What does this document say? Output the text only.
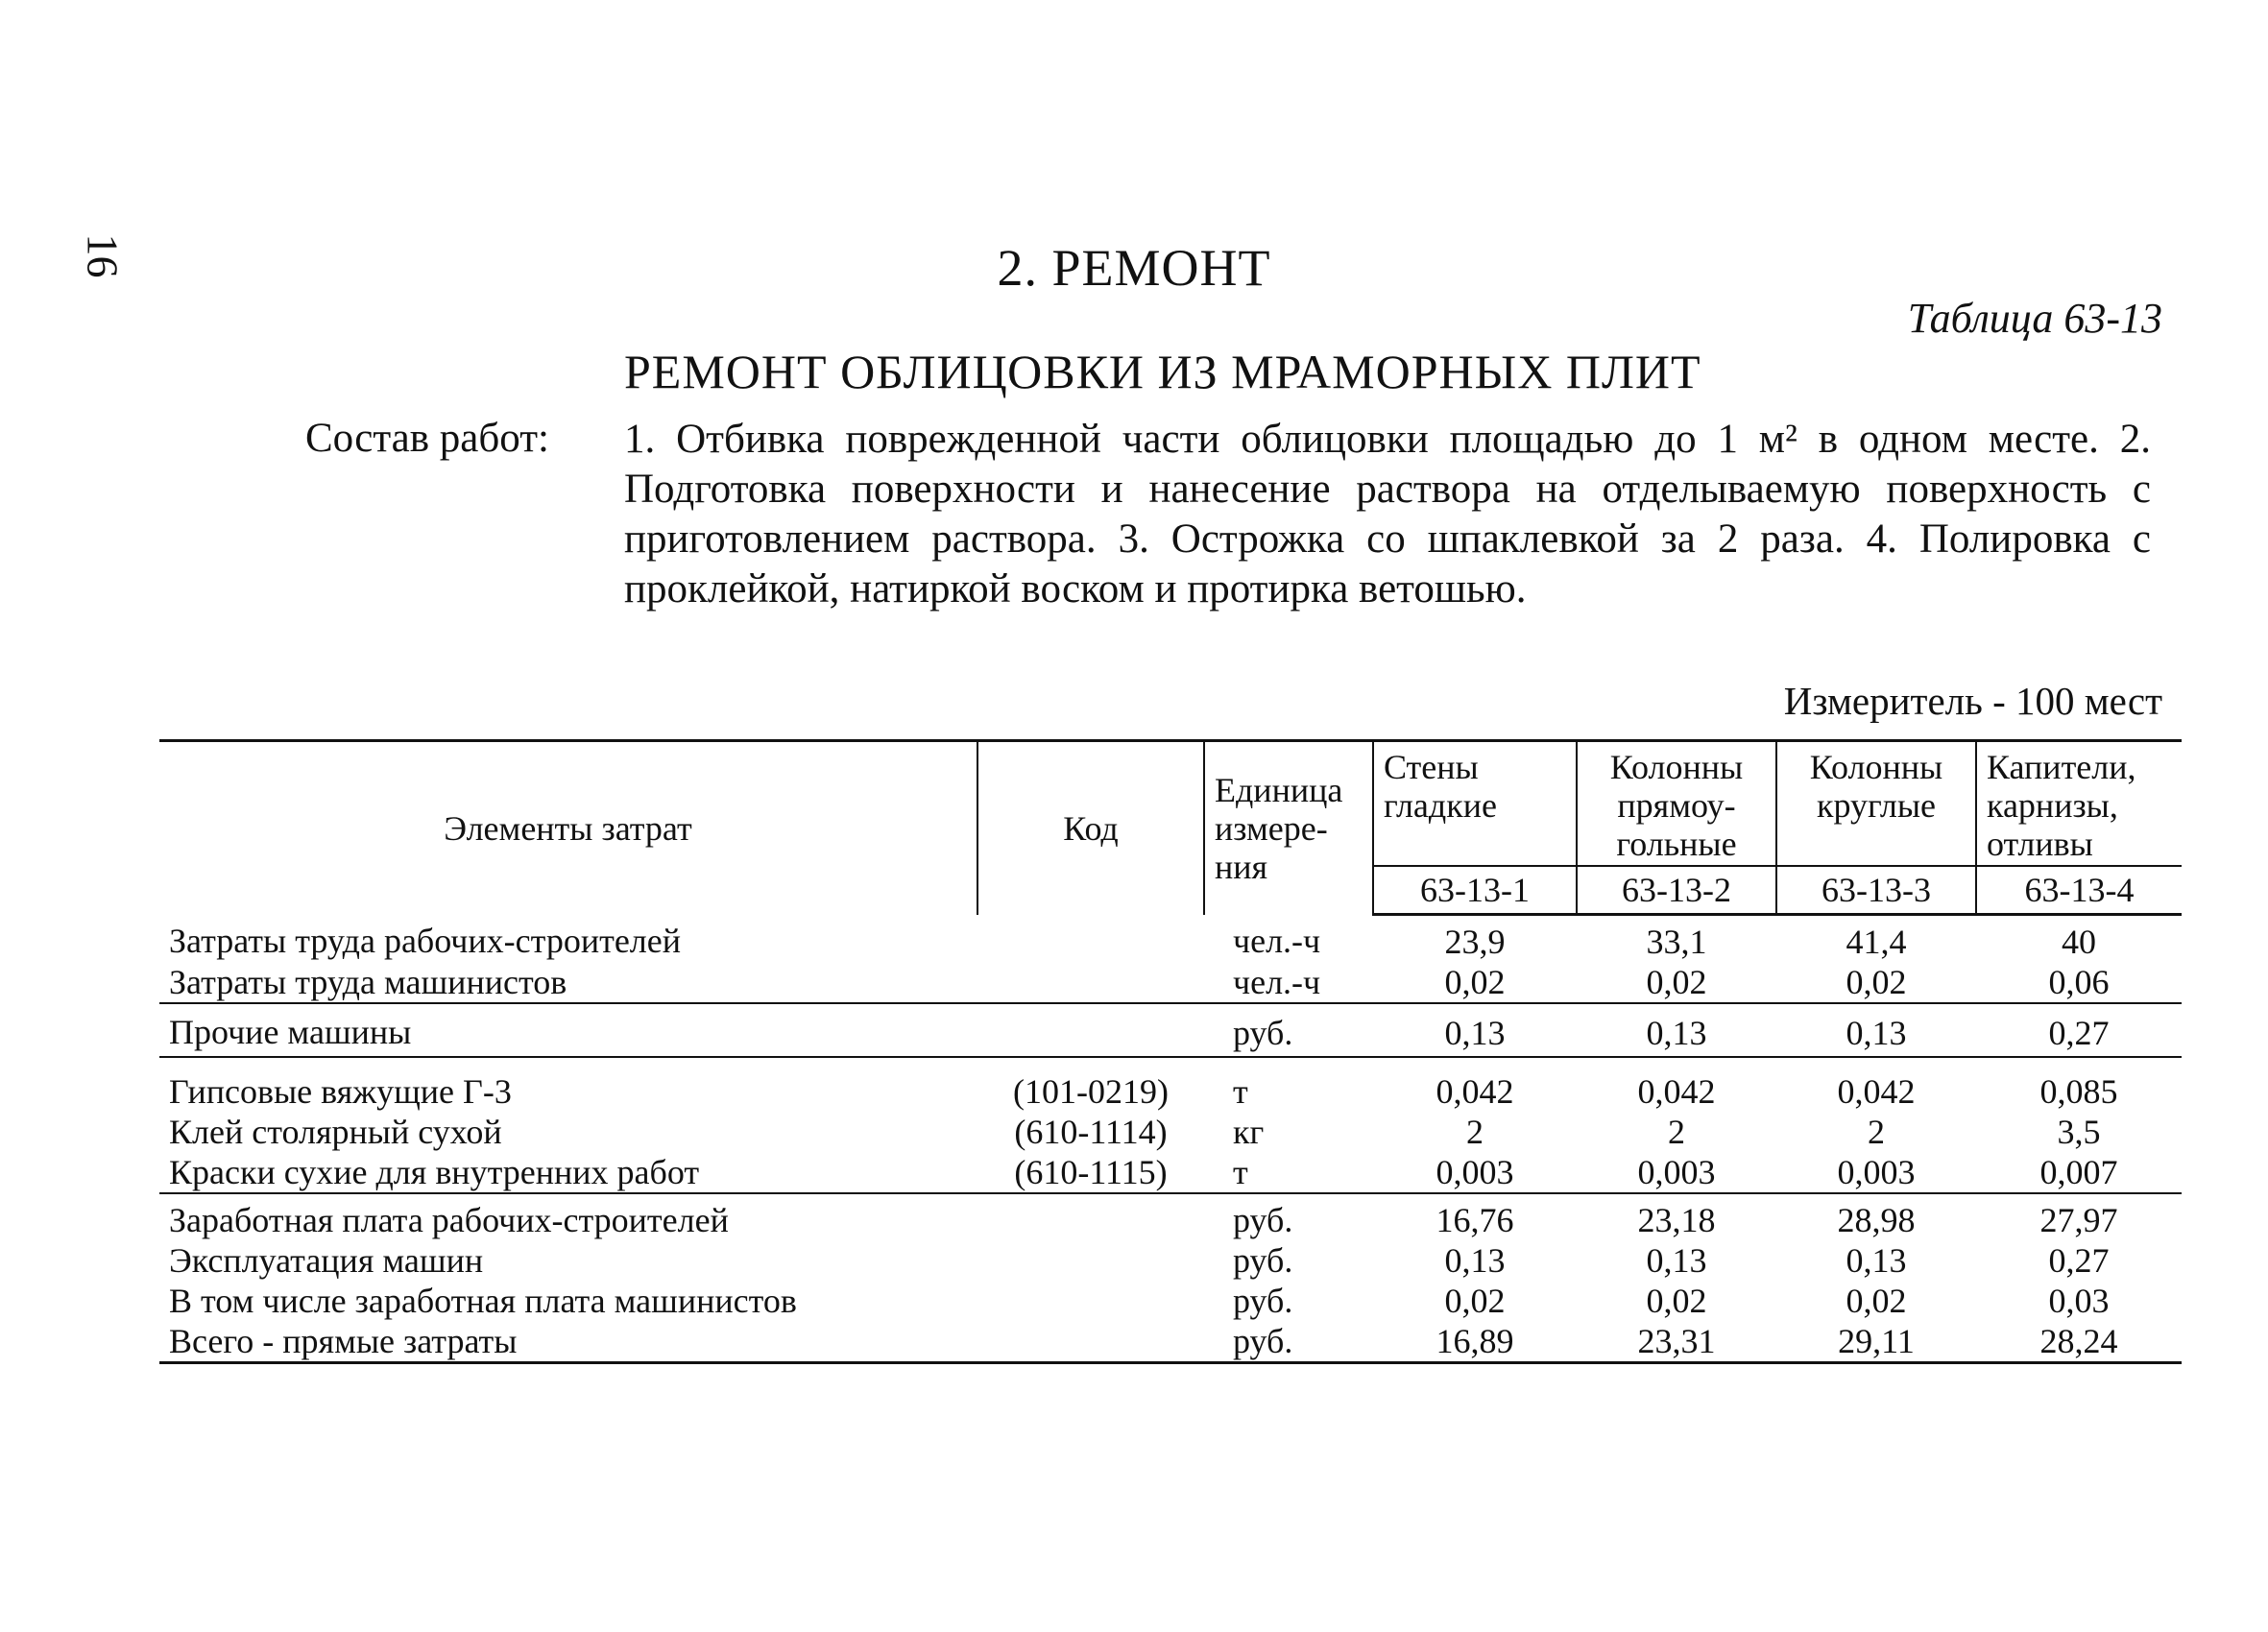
16	2. РЕМОНТ
Таблица 63-13
РЕМОНТ ОБЛИЦОВКИ ИЗ МРАМОРНЫХ ПЛИТ
Состав работ: 1. Отбивка поврежденной части облицовки площадью до 1 м² в одном месте. 2. Подготовка поверхности и нанесение раствора на отделываемую поверхность с приготовлением раствора. 3. Острожка со шпаклевкой за 2 раза. 4. Полировка с проклейкой, натиркой воском и протирка ветошью.
Измеритель - 100 мест
Элементы затрат	Код	Единица измере-ния	Стены гладкие	Колонны прямоу-гольные	Колонны круглые	Капители, карнизы, отливы
			63-13-1	63-13-2	63-13-3	63-13-4
Затраты труда рабочих-строителей		чел.-ч	23,9	33,1	41,4	40
Затраты труда машинистов		чел.-ч	0,02	0,02	0,02	0,06
Прочие машины		руб.	0,13	0,13	0,13	0,27
Гипсовые вяжущие Г-3	(101-0219)	т	0,042	0,042	0,042	0,085
Клей столярный сухой	(610-1114)	кг	2	2	2	3,5
Краски сухие для внутренних работ	(610-1115)	т	0,003	0,003	0,003	0,007
Заработная плата рабочих-строителей		руб.	16,76	23,18	28,98	27,97
Эксплуатация машин		руб.	0,13	0,13	0,13	0,27
В том числе заработная плата машинистов		руб.	0,02	0,02	0,02	0,03
Всего - прямые затраты		руб.	16,89	23,31	29,11	28,24
